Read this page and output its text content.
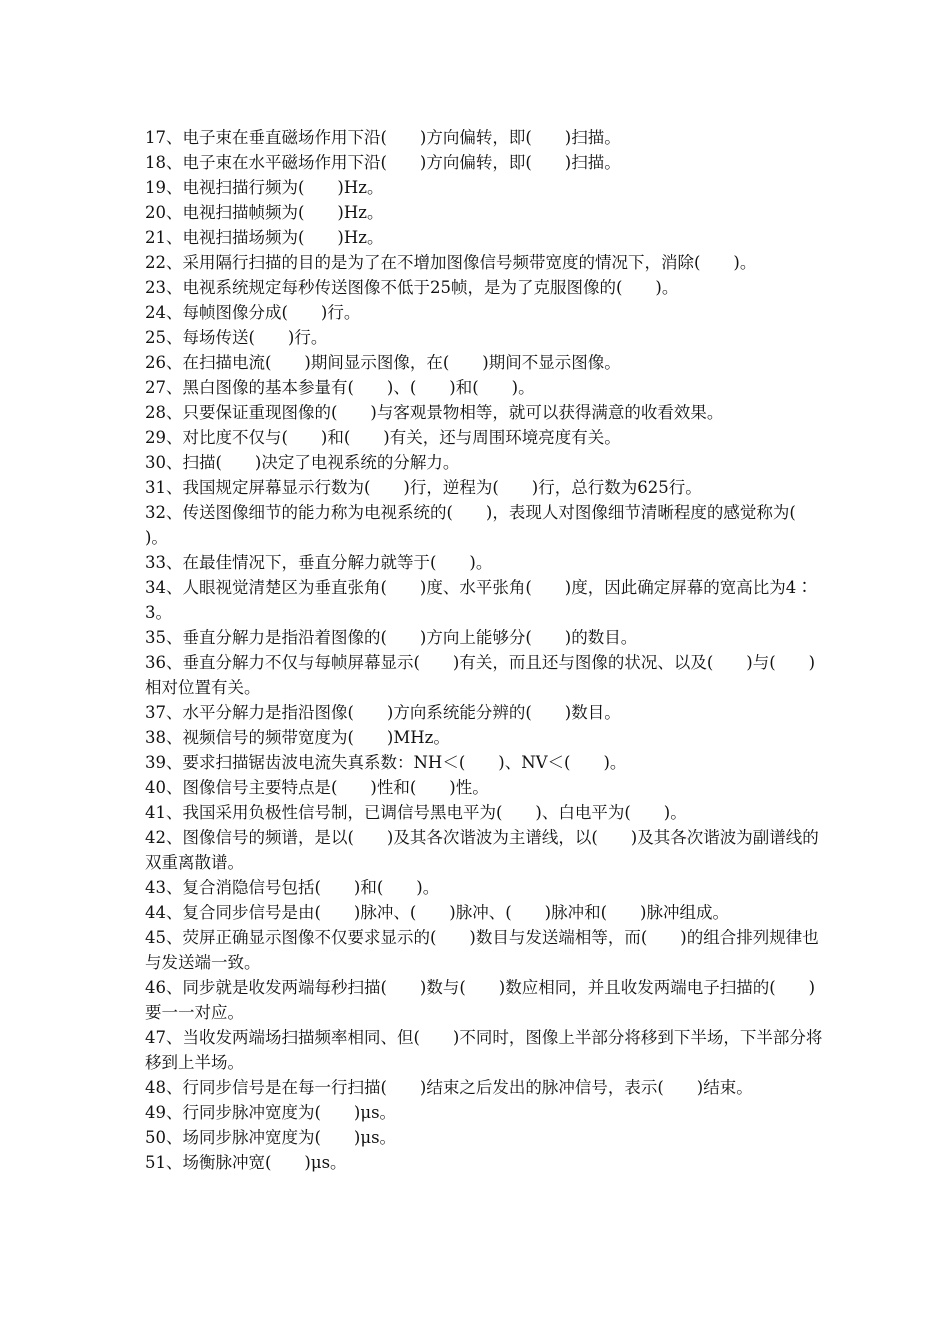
17、电子束在垂直磁场作用下沿(　　)方向偏转，即(　　)扫描。

18、电子束在水平磁场作用下沿(　　)方向偏转，即(　　)扫描。

19、电视扫描行频为(　　)Hz。

20、电视扫描帧频为(　　)Hz。

21、电视扫描场频为(　　)Hz。

22、采用隔行扫描的目的是为了在不增加图像信号频带宽度的情况下，消除(　　)。

23、电视系统规定每秒传送图像不低于25帧，是为了克服图像的(　　)。

24、每帧图像分成(　　)行。

25、每场传送(　　)行。

26、在扫描电流(　　)期间显示图像，在(　　)期间不显示图像。

27、黑白图像的基本参量有(　　)、(　　)和(　　)。

28、只要保证重现图像的(　　)与客观景物相等，就可以获得满意的收看效果。

29、对比度不仅与(　　)和(　　)有关，还与周围环境亮度有关。

30、扫描(　　)决定了电视系统的分解力。

31、我国规定屏幕显示行数为(　　)行，逆程为(　　)行，总行数为625行。

32、传送图像细节的能力称为电视系统的(　　)，表现人对图像细节清晰程度的感觉称为(　　)。

33、在最佳情况下，垂直分解力就等于(　　)。

34、人眼视觉清楚区为垂直张角(　　)度、水平张角(　　)度，因此确定屏幕的宽高比为4∶3。

35、垂直分解力是指沿着图像的(　　)方向上能够分(　　)的数目。

36、垂直分解力不仅与每帧屏幕显示(　　)有关，而且还与图像的状况、以及(　　)与(　　)相对位置有关。

37、水平分解力是指沿图像(　　)方向系统能分辨的(　　)数目。

38、视频信号的频带宽度为(　　)MHz。

39、要求扫描锯齿波电流失真系数：NH＜(　　)、NV＜(　　)。

40、图像信号主要特点是(　　)性和(　　)性。

41、我国采用负极性信号制，已调信号黑电平为(　　)、白电平为(　　)。

42、图像信号的频谱，是以(　　)及其各次谐波为主谱线，以(　　)及其各次谐波为副谱线的双重离散谱。

43、复合消隐信号包括(　　)和(　　)。

44、复合同步信号是由(　　)脉冲、(　　)脉冲、(　　)脉冲和(　　)脉冲组成。

45、荧屏正确显示图像不仅要求显示的(　　)数目与发送端相等，而(　　)的组合排列规律也与发送端一致。

46、同步就是收发两端每秒扫描(　　)数与(　　)数应相同，并且收发两端电子扫描的(　　)要一一对应。

47、当收发两端场扫描频率相同、但(　　)不同时，图像上半部分将移到下半场，下半部分将移到上半场。

48、行同步信号是在每一行扫描(　　)结束之后发出的脉冲信号，表示(　　)结束。

49、行同步脉冲宽度为(　　)μs。

50、场同步脉冲宽度为(　　)μs。

51、场衡脉冲宽(　　)μs。
